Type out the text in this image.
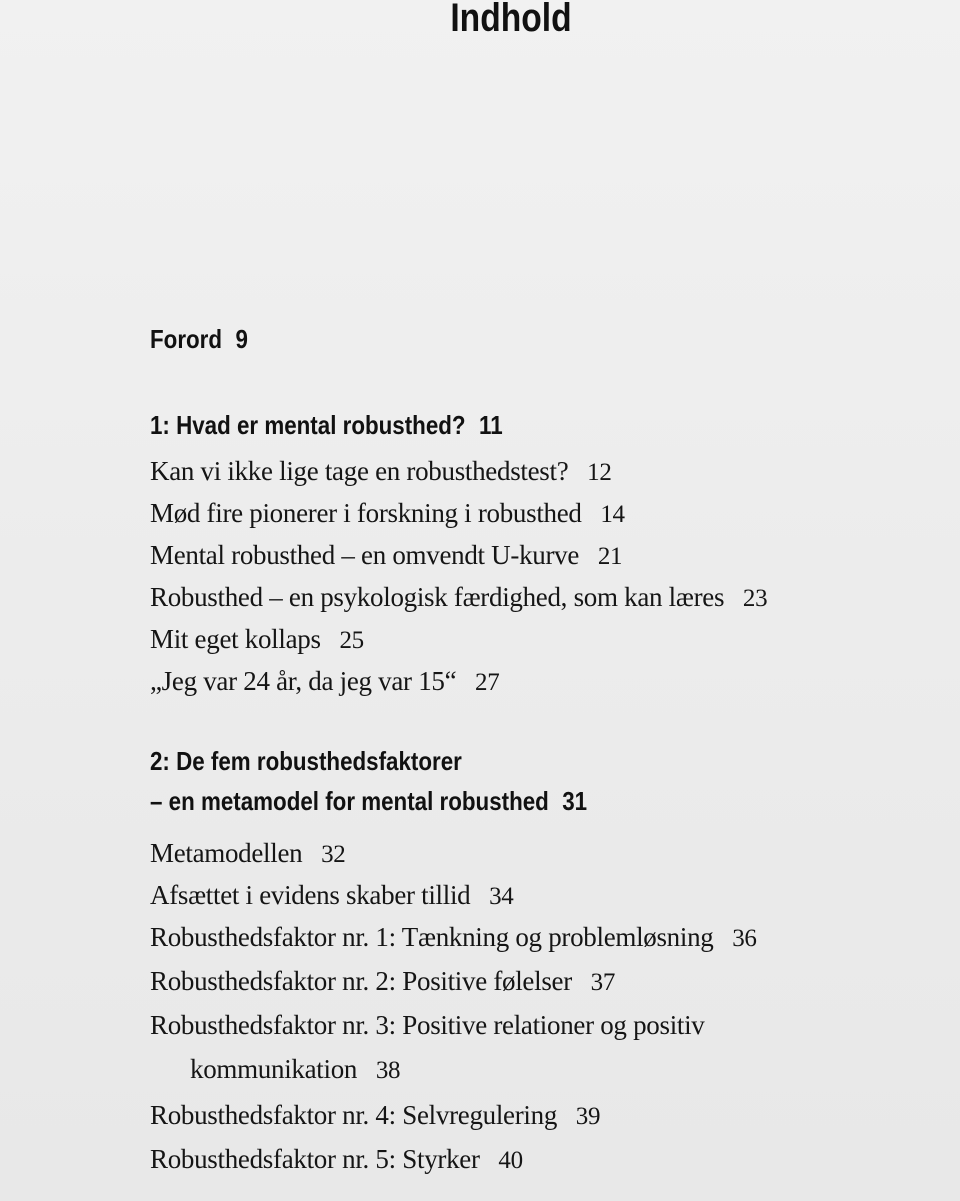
Indhold
Forord 9
1: Hvad er mental robusthed? 11
Kan vi ikke lige tage en robusthedstest? 12
Mød fire pionerer i forskning i robusthed 14
Mental robusthed – en omvendt U-kurve 21
Robusthed – en psykologisk færdighed, som kan læres 23
Mit eget kollaps 25
„Jeg var 24 år, da jeg var 15“ 27
2: De fem robusthedsfaktorer
– en metamodel for mental robusthed 31
Metamodellen 32
Afsættet i evidens skaber tillid 34
Robusthedsfaktor nr. 1: Tænkning og problemløsning 36
Robusthedsfaktor nr. 2: Positive følelser 37
Robusthedsfaktor nr. 3: Positive relationer og positiv
kommunikation 38
Robusthedsfaktor nr. 4: Selvregulering 39
Robusthedsfaktor nr. 5: Styrker 40
